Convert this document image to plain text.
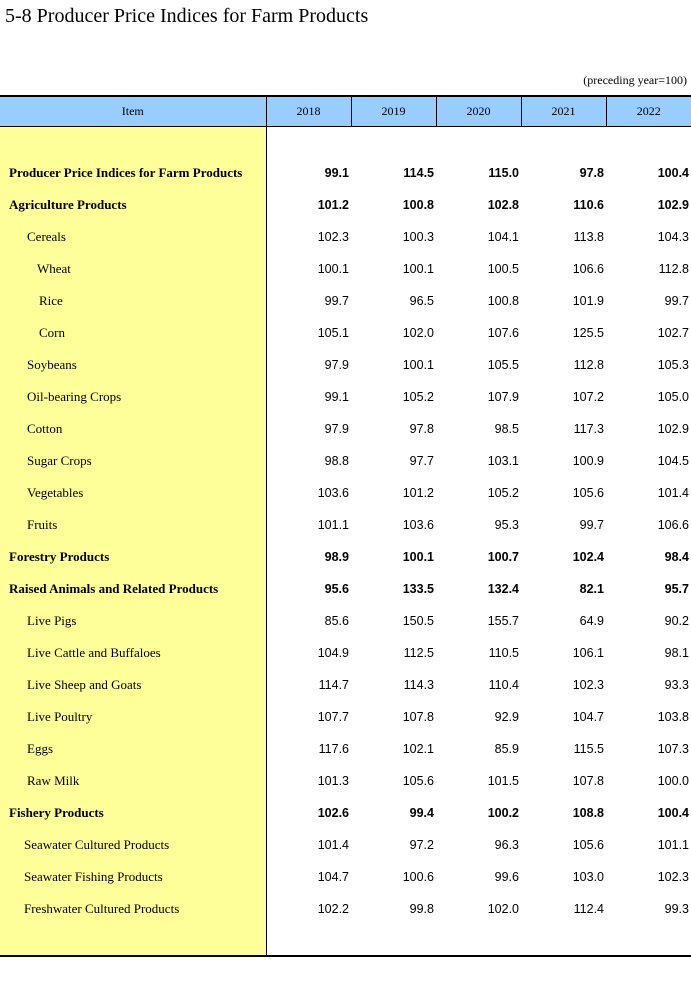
5-8 Producer Price Indices for Farm Products
(preceding year=100)
Item	2018	2019	2020	2021	2022

Producer Price Indices for Farm Products	99.1	114.5	115.0	97.8	100.4
Agriculture Products	101.2	100.8	102.8	110.6	102.9
Cereals	102.3	100.3	104.1	113.8	104.3
Wheat	100.1	100.1	100.5	106.6	112.8
Rice	99.7	96.5	100.8	101.9	99.7
Corn	105.1	102.0	107.6	125.5	102.7
Soybeans	97.9	100.1	105.5	112.8	105.3
Oil-bearing Crops	99.1	105.2	107.9	107.2	105.0
Cotton	97.9	97.8	98.5	117.3	102.9
Sugar Crops	98.8	97.7	103.1	100.9	104.5
Vegetables	103.6	101.2	105.2	105.6	101.4
Fruits	101.1	103.6	95.3	99.7	106.6
Forestry Products	98.9	100.1	100.7	102.4	98.4
Raised Animals and Related Products	95.6	133.5	132.4	82.1	95.7
Live Pigs	85.6	150.5	155.7	64.9	90.2
Live Cattle and Buffaloes	104.9	112.5	110.5	106.1	98.1
Live Sheep and Goats	114.7	114.3	110.4	102.3	93.3
Live Poultry	107.7	107.8	92.9	104.7	103.8
Eggs	117.6	102.1	85.9	115.5	107.3
Raw Milk	101.3	105.6	101.5	107.8	100.0
Fishery Products	102.6	99.4	100.2	108.8	100.4
Seawater Cultured Products	101.4	97.2	96.3	105.6	101.1
Seawater Fishing Products	104.7	100.6	99.6	103.0	102.3
Freshwater Cultured Products	102.2	99.8	102.0	112.4	99.3
